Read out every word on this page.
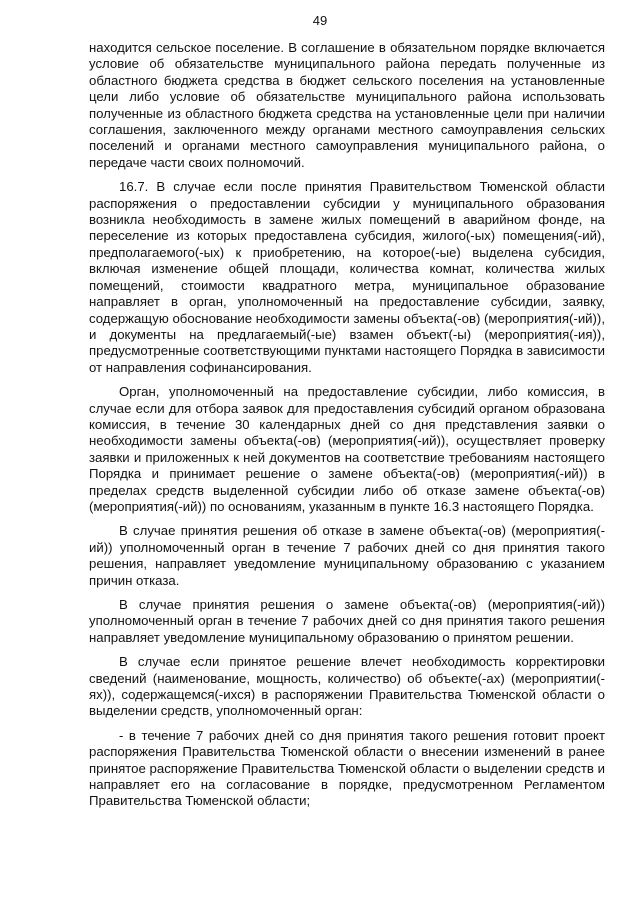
49

находится сельское поселение. В соглашение в обязательном порядке включается условие об обязательстве муниципального района передать полученные из областного бюджета средства в бюджет сельского поселения на установленные цели либо условие об обязательстве муниципального района использовать полученные из областного бюджета средства на установленные цели при наличии соглашения, заключенного между органами местного самоуправления сельских поселений и органами местного самоуправления муниципального района, о передаче части своих полномочий.

16.7. В случае если после принятия Правительством Тюменской области распоряжения о предоставлении субсидии у муниципального образования возникла необходимость в замене жилых помещений в аварийном фонде, на переселение из которых предоставлена субсидия, жилого(-ых) помещения(-ий), предполагаемого(-ых) к приобретению, на которое(-ые) выделена субсидия, включая изменение общей площади, количества комнат, количества жилых помещений, стоимости квадратного метра, муниципальное образование направляет в орган, уполномоченный на предоставление субсидии, заявку, содержащую обоснование необходимости замены объекта(-ов) (мероприятия(-ий)), и документы на предлагаемый(-ые) взамен объект(-ы) (мероприятия(-ия)), предусмотренные соответствующими пунктами настоящего Порядка в зависимости от направления софинансирования.

Орган, уполномоченный на предоставление субсидии, либо комиссия, в случае если для отбора заявок для предоставления субсидий органом образована комиссия, в течение 30 календарных дней со дня представления заявки о необходимости замены объекта(-ов) (мероприятия(-ий)), осуществляет проверку заявки и приложенных к ней документов на соответствие требованиям настоящего Порядка и принимает решение о замене объекта(-ов) (мероприятия(-ий)) в пределах средств выделенной субсидии либо об отказе замене объекта(-ов) (мероприятия(-ий)) по основаниям, указанным в пункте 16.3 настоящего Порядка.

В случае принятия решения об отказе в замене объекта(-ов) (мероприятия(-ий)) уполномоченный орган в течение 7 рабочих дней со дня принятия такого решения, направляет уведомление муниципальному образованию с указанием причин отказа.

В случае принятия решения о замене объекта(-ов) (мероприятия(-ий)) уполномоченный орган в течение 7 рабочих дней со дня принятия такого решения направляет уведомление муниципальному образованию о принятом решении.

В случае если принятое решение влечет необходимость корректировки сведений (наименование, мощность, количество) об объекте(-ах) (мероприятии(-ях)), содержащемся(-ихся) в распоряжении Правительства Тюменской области о выделении средств, уполномоченный орган:

- в течение 7 рабочих дней со дня принятия такого решения готовит проект распоряжения Правительства Тюменской области о внесении изменений в ранее принятое распоряжение Правительства Тюменской области о выделении средств и направляет его на согласование в порядке, предусмотренном Регламентом Правительства Тюменской области;
